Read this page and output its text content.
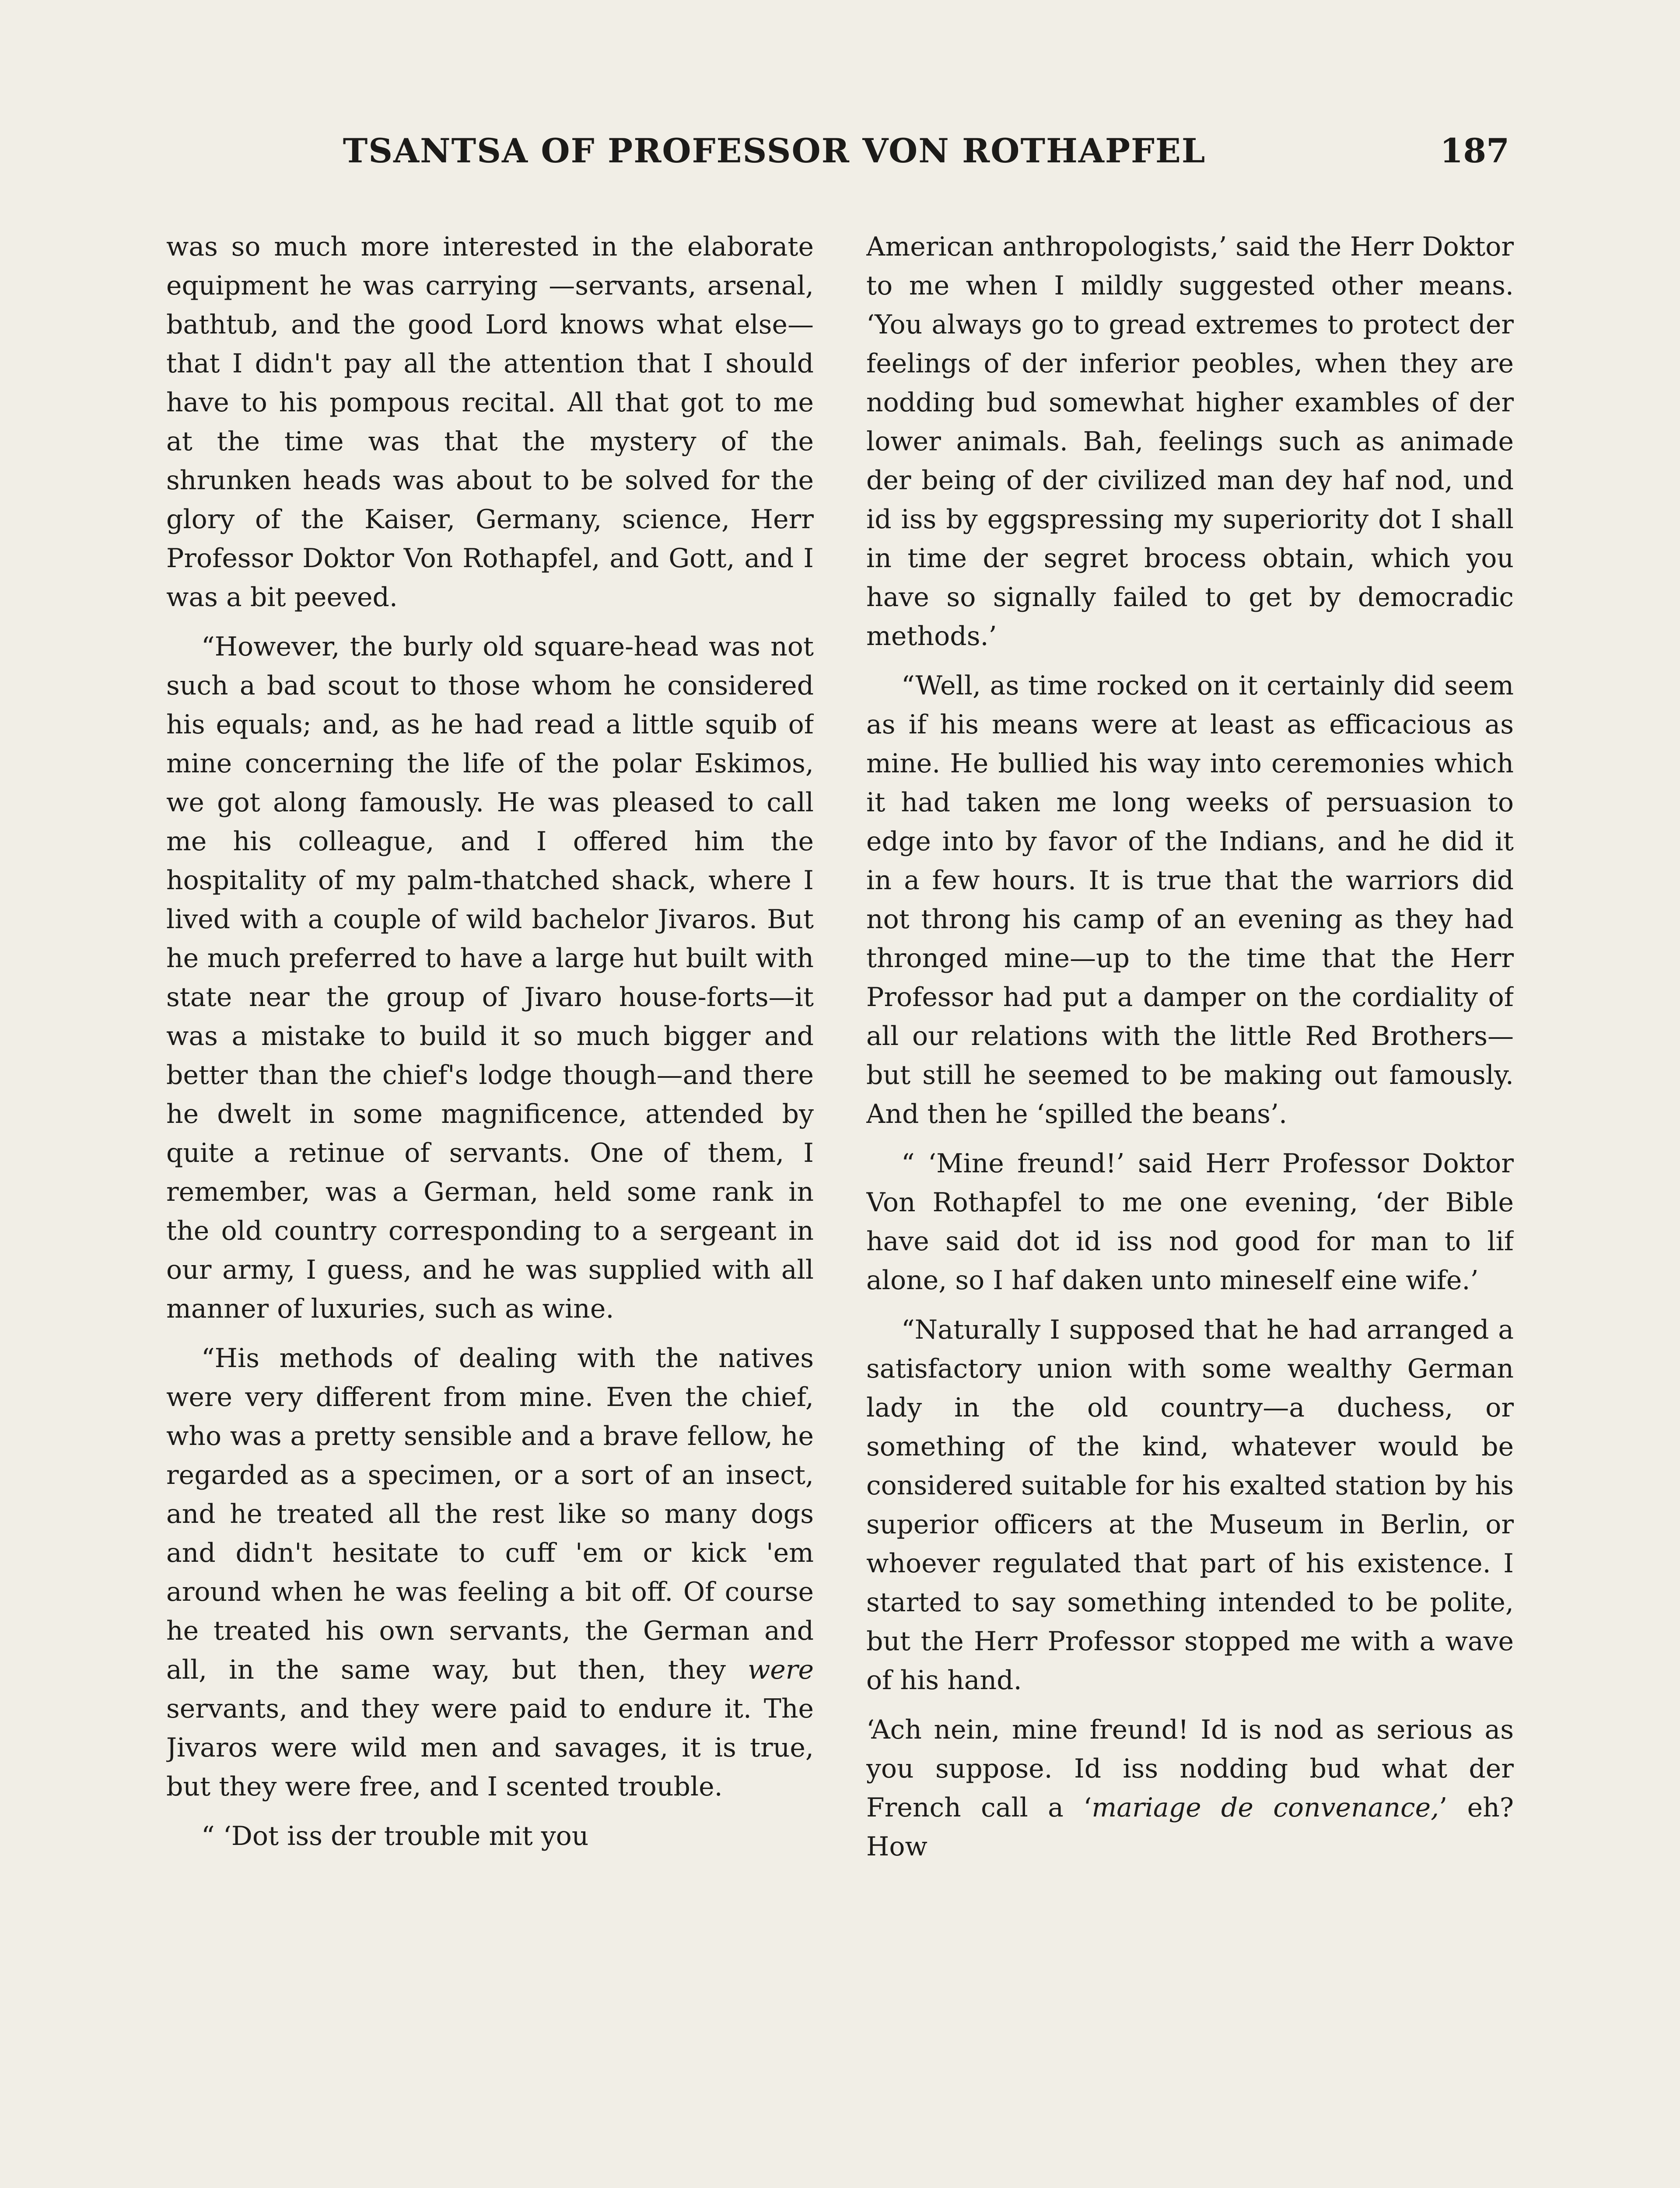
TSANTSA OF PROFESSOR VON ROTHAPFEL	187

was so much more interested in the elaborate equipment he was carrying —servants, arsenal, bathtub, and the good Lord knows what else—that I didn't pay all the attention that I should have to his pompous recital. All that got to me at the time was that the mystery of the shrunken heads was about to be solved for the glory of the Kaiser, Germany, science, Herr Professor Doktor Von Rothapfel, and Gott, and I was a bit peeved.

“However, the burly old square-head was not such a bad scout to those whom he considered his equals; and, as he had read a little squib of mine concerning the life of the polar Eskimos, we got along famously. He was pleased to call me his colleague, and I offered him the hospitality of my palm-thatched shack, where I lived with a couple of wild bachelor Jivaros. But he much preferred to have a large hut built with state near the group of Jivaro house-forts—it was a mistake to build it so much bigger and better than the chief's lodge though—and there he dwelt in some magnificence, attended by quite a retinue of servants. One of them, I remember, was a German, held some rank in the old country corresponding to a sergeant in our army, I guess, and he was supplied with all manner of luxuries, such as wine.

“His methods of dealing with the natives were very different from mine. Even the chief, who was a pretty sensible and a brave fellow, he regarded as a specimen, or a sort of an insect, and he treated all the rest like so many dogs and didn't hesitate to cuff 'em or kick 'em around when he was feeling a bit off. Of course he treated his own servants, the German and all, in the same way, but then, they were servants, and they were paid to endure it. The Jivaros were wild men and savages, it is true, but they were free, and I scented trouble.

“ ‘Dot iss der trouble mit you

American anthropologists,’ said the Herr Doktor to me when I mildly suggested other means. ‘You always go to gread extremes to protect der feelings of der inferior peobles, when they are nodding bud somewhat higher exambles of der lower animals. Bah, feelings such as animade der being of der civilized man dey haf nod, und id iss by eggspressing my superiority dot I shall in time der segret brocess obtain, which you have so signally failed to get by democradic methods.’

“Well, as time rocked on it certainly did seem as if his means were at least as efficacious as mine. He bullied his way into ceremonies which it had taken me long weeks of persuasion to edge into by favor of the Indians, and he did it in a few hours. It is true that the warriors did not throng his camp of an evening as they had thronged mine—up to the time that the Herr Professor had put a damper on the cordiality of all our relations with the little Red Brothers—but still he seemed to be making out famously. And then he ‘spilled the beans’.

“ ‘Mine freund!’ said Herr Professor Doktor Von Rothapfel to me one evening, ‘der Bible have said dot id iss nod good for man to lif alone, so I haf daken unto mineself eine wife.’

“Naturally I supposed that he had arranged a satisfactory union with some wealthy German lady in the old country—a duchess, or something of the kind, whatever would be considered suitable for his exalted station by his superior officers at the Museum in Berlin, or whoever regulated that part of his existence. I started to say something intended to be polite, but the Herr Professor stopped me with a wave of his hand.

‘Ach nein, mine freund! Id is nod as serious as you suppose. Id iss nodding bud what der French call a ‘mariage de convenance,’ eh? How
